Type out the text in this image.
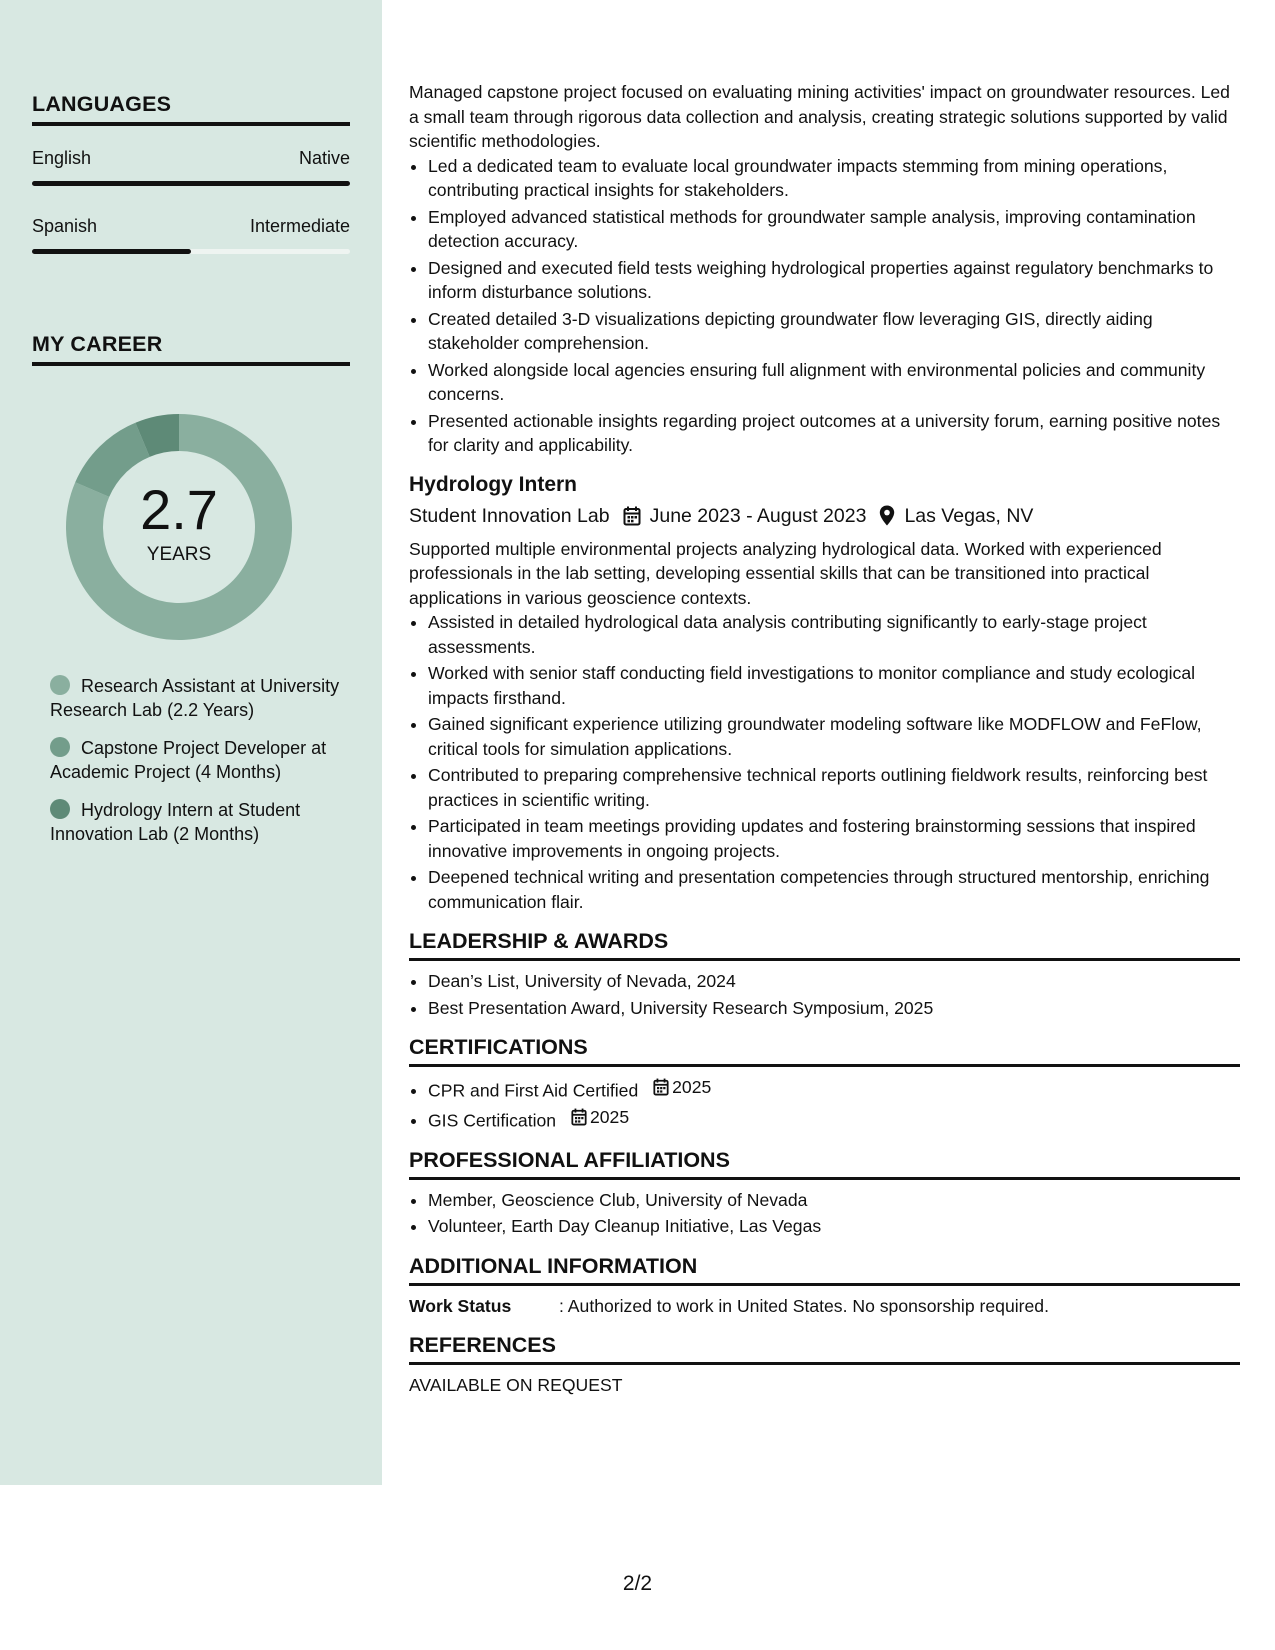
LANGUAGES
English	Native
Spanish	Intermediate
MY CAREER
2.7
YEARS
Research Assistant at University Research Lab (2.2 Years)
Capstone Project Developer at Academic Project (4 Months)
Hydrology Intern at Student Innovation Lab (2 Months)

Managed capstone project focused on evaluating mining activities' impact on groundwater resources. Led a small team through rigorous data collection and analysis, creating strategic solutions supported by valid scientific methodologies.

• Led a dedicated team to evaluate local groundwater impacts stemming from mining operations, contributing practical insights for stakeholders.
• Employed advanced statistical methods for groundwater sample analysis, improving contamination detection accuracy.
• Designed and executed field tests weighing hydrological properties against regulatory benchmarks to inform disturbance solutions.
• Created detailed 3-D visualizations depicting groundwater flow leveraging GIS, directly aiding stakeholder comprehension.
• Worked alongside local agencies ensuring full alignment with environmental policies and community concerns.
• Presented actionable insights regarding project outcomes at a university forum, earning positive notes for clarity and applicability.
Hydrology Intern
Student Innovation Lab June 2023 - August 2023 Las Vegas, NV

Supported multiple environmental projects analyzing hydrological data. Worked with experienced professionals in the lab setting, developing essential skills that can be transitioned into practical applications in various geoscience contexts.

• Assisted in detailed hydrological data analysis contributing significantly to early-stage project assessments.
• Worked with senior staff conducting field investigations to monitor compliance and study ecological impacts firsthand.
• Gained significant experience utilizing groundwater modeling software like MODFLOW and FeFlow, critical tools for simulation applications.
• Contributed to preparing comprehensive technical reports outlining fieldwork results, reinforcing best practices in scientific writing.
• Participated in team meetings providing updates and fostering brainstorming sessions that inspired innovative improvements in ongoing projects.
• Deepened technical writing and presentation competencies through structured mentorship, enriching communication flair.
LEADERSHIP & AWARDS
• Dean’s List, University of Nevada, 2024
• Best Presentation Award, University Research Symposium, 2025
CERTIFICATIONS
• CPR and First Aid Certified 2025
• GIS Certification 2025
PROFESSIONAL AFFILIATIONS
• Member, Geoscience Club, University of Nevada
• Volunteer, Earth Day Cleanup Initiative, Las Vegas
ADDITIONAL INFORMATION
Work Status	: Authorized to work in United States. No sponsorship required.
REFERENCES

AVAILABLE ON REQUEST

2/2
